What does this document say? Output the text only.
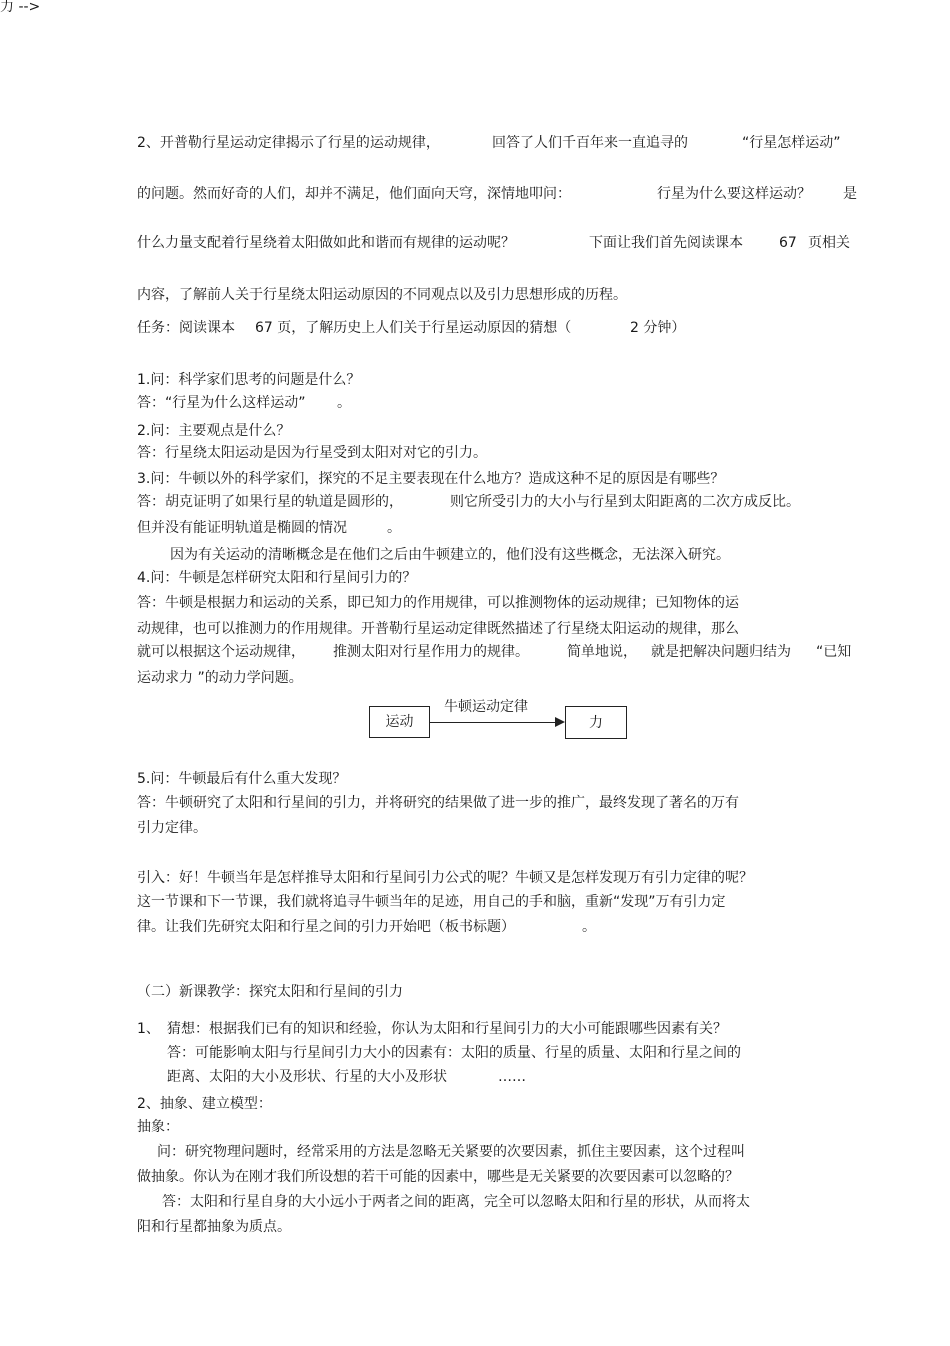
2、开普勒行星运动定律揭示了行星的运动规律，	回答了人们千百年来一直追寻的	“行星怎样运动”
的问题。然而好奇的人们，却并不满足，他们面向天穹，深情地叩问：	行星为什么要这样运动？ 是
什么力量支配着行星绕着太阳做如此和谐而有规律的运动呢？	下面让我们首先阅读课本	67 页相关
内容，了解前人关于行星绕太阳运动原因的不同观点以及引力思想形成的历程。
任务：阅读课本 67 页，了解历史上人们关于行星运动原因的猜想（	2 分钟）
1.问：科学家们思考的问题是什么？
答：“行星为什么这样运动” 。
2.问：主要观点是什么？
答：行星绕太阳运动是因为行星受到太阳对对它的引力。
3.问：牛顿以外的科学家们，探究的不足主要表现在什么地方？造成这种不足的原因是有哪些？
答：胡克证明了如果行星的轨道是圆形的，	则它所受引力的大小与行星到太阳距离的二次方成反比。
但并没有能证明轨道是椭圆的情况	。
因为有关运动的清晰概念是在他们之后由牛顿建立的，他们没有这些概念，无法深入研究。
4.问：牛顿是怎样研究太阳和行星间引力的？
答：牛顿是根据力和运动的关系，即已知力的作用规律，可以推测物体的运动规律；已知物体的运
动规律，也可以推测力的作用规律。开普勒行星运动定律既然描述了行星绕太阳运动的规律，那么
就可以根据这个运动规律， 推测太阳对行星作用力的规律。	简单地说， 就是把解决问题归结为 “已知
运动求力 ”的动力学问题。
力 -->
运动
牛顿运动定律
力
5.问：牛顿最后有什么重大发现？
答：牛顿研究了太阳和行星间的引力，并将研究的结果做了进一步的推广，最终发现了著名的万有
引力定律。
引入：好！牛顿当年是怎样推导太阳和行星间引力公式的呢？牛顿又是怎样发现万有引力定律的呢？
这一节课和下一节课，我们就将追寻牛顿当年的足迹，用自己的手和脑，重新“发现”万有引力定
律。让我们先研究太阳和行星之间的引力开始吧（板书标题）	。
（二）新课教学：探究太阳和行星间的引力
1、 猜想：根据我们已有的知识和经验，你认为太阳和行星间引力的大小可能跟哪些因素有关？
答：可能影响太阳与行星间引力大小的因素有：太阳的质量、行星的质量、太阳和行星之间的
距离、太阳的大小及形状、行星的大小及形状	……
2、抽象、建立模型：
抽象：
问：研究物理问题时，经常采用的方法是忽略无关紧要的次要因素，抓住主要因素，这个过程叫
做抽象。你认为在刚才我们所设想的若干可能的因素中，哪些是无关紧要的次要因素可以忽略的？
答：太阳和行星自身的大小远小于两者之间的距离，完全可以忽略太阳和行星的形状，从而将太
阳和行星都抽象为质点。
